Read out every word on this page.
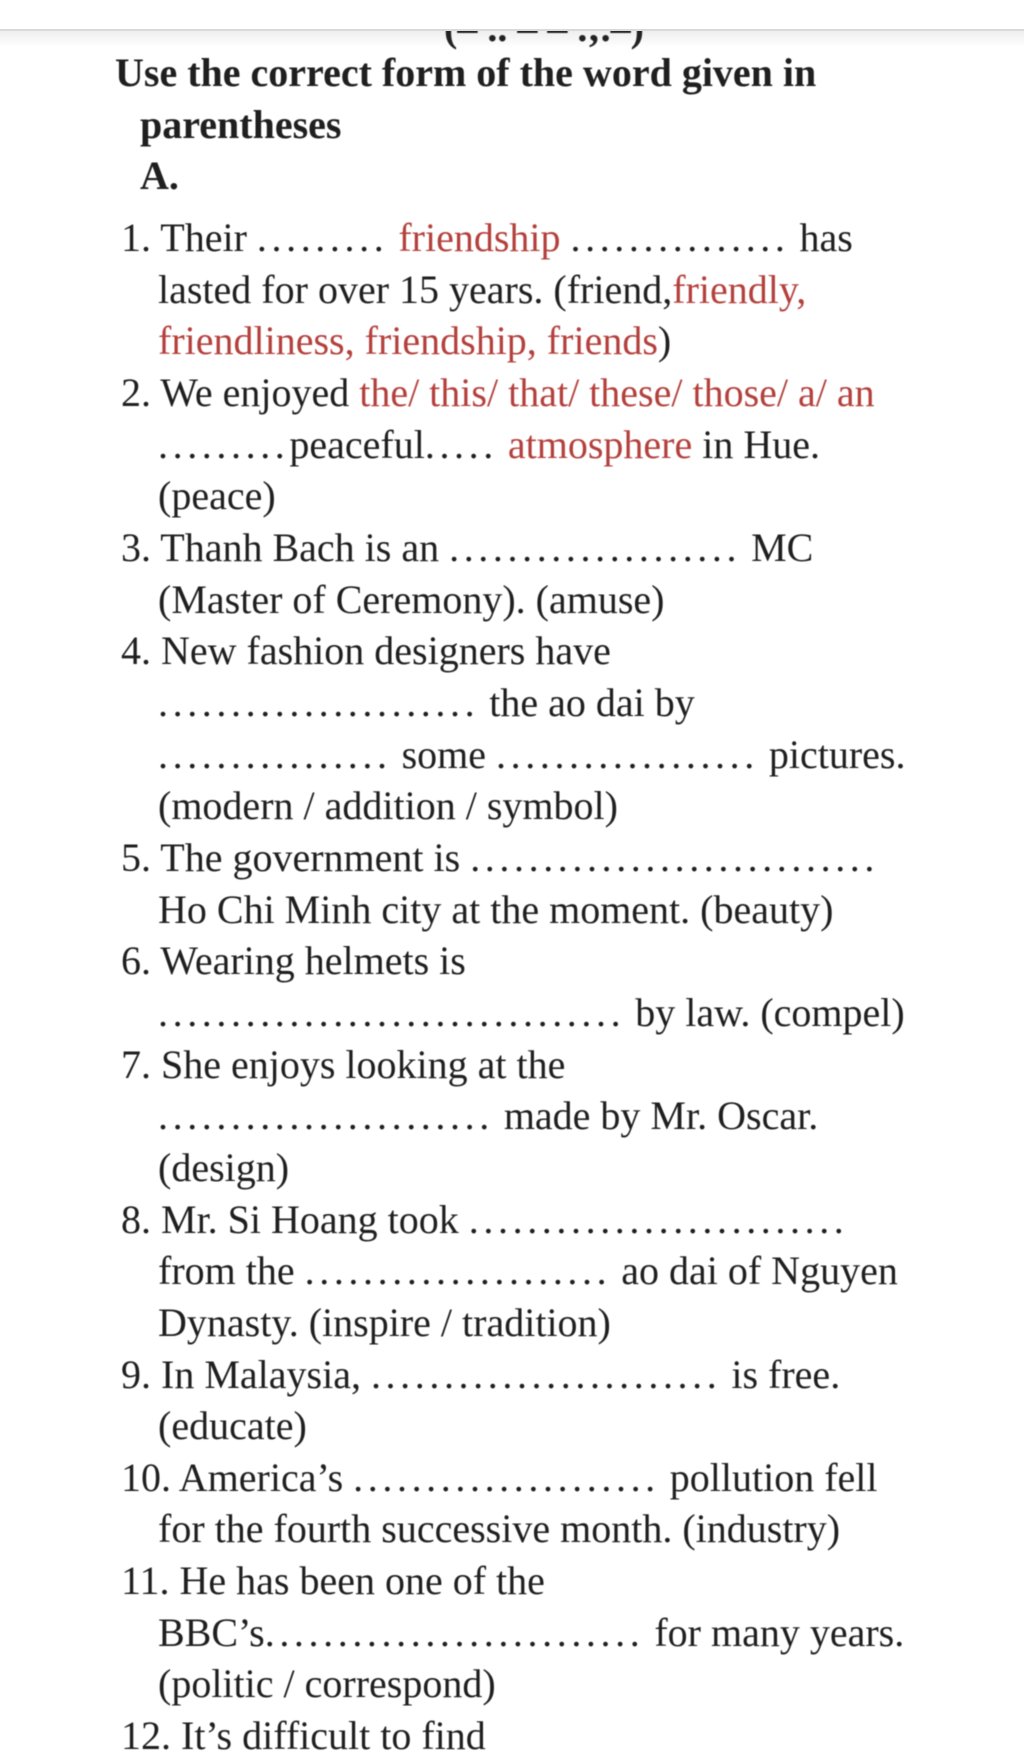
Use the correct form of the word given in
parentheses
A.
1. Their ......... friendship ............... has
lasted for over 15 years. (friend,friendly,
friendliness, friendship, friends)
2. We enjoyed the/ this/ that/ these/ those/ a/ an
.........peaceful..... atmosphere in Hue.
(peace)
3. Thanh Bach is an .................... MC
(Master of Ceremony). (amuse)
4. New fashion designers have
...................... the ao dai by
................ some .................. pictures.
(modern / addition / symbol)
5. The government is ............................
Ho Chi Minh city at the moment. (beauty)
6. Wearing helmets is
................................ by law. (compel)
7. She enjoys looking at the
....................... made by Mr. Oscar.
(design)
8. Mr. Si Hoang took ..........................
from the ..................... ao dai of Nguyen
Dynasty. (inspire / tradition)
9. In Malaysia, ........................ is free.
(educate)
10. America’s ..................... pollution fell
for the fourth successive month. (industry)
11. He has been one of the
BBC’s.......................... for many years.
(politic / correspond)
12. It’s difficult to find
